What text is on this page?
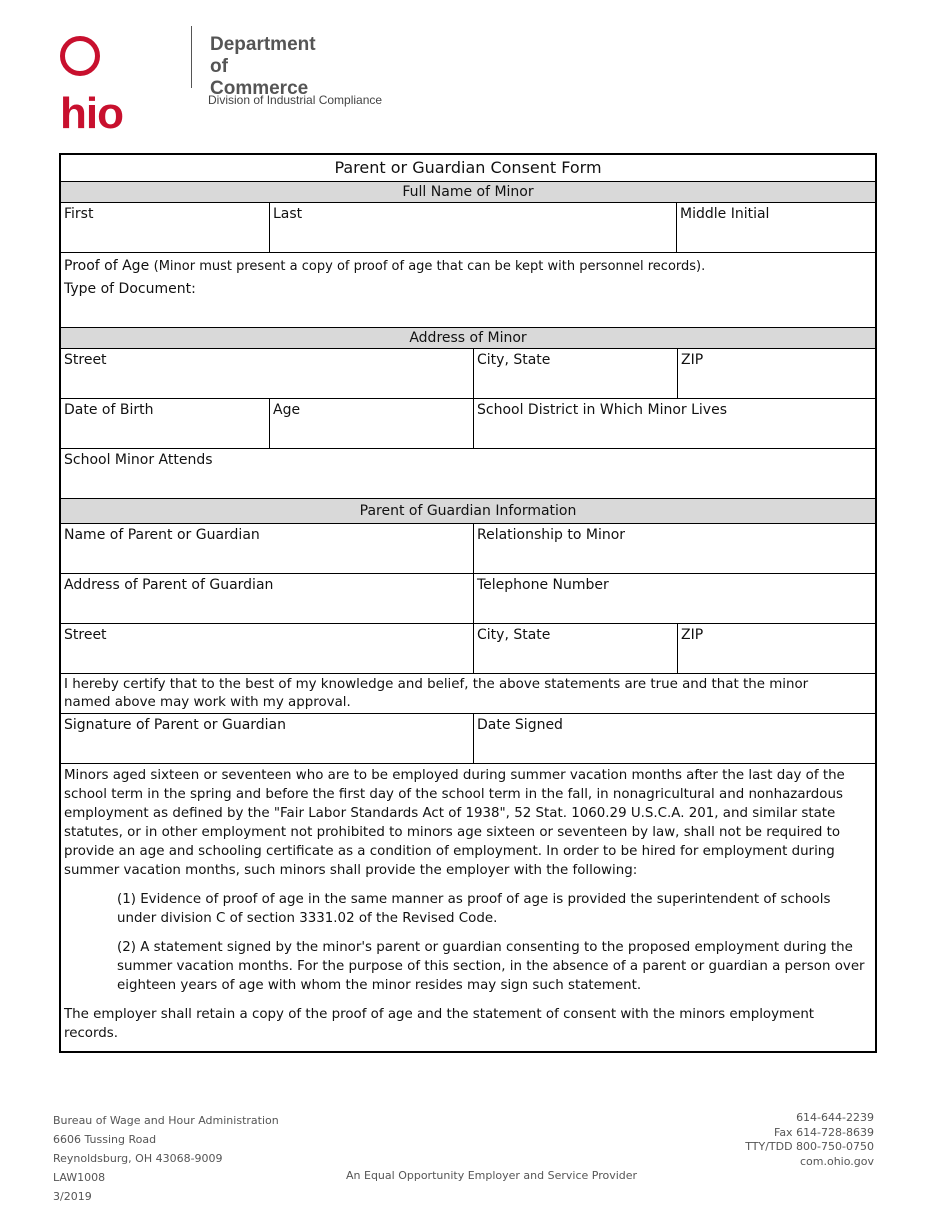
hio
Department
of Commerce
Division of Industrial Compliance
Parent or Guardian Consent Form
Full Name of Minor
First	Last	Middle Initial
Proof of Age (Minor must present a copy of proof of age that can be kept with personnel records).
Type of Document:
Address of Minor
Street	City, State	ZIP
Date of Birth	Age	School District in Which Minor Lives
School Minor Attends
Parent of Guardian Information
Name of Parent or Guardian	Relationship to Minor
Address of Parent of Guardian	Telephone Number
Street	City, State	ZIP
I hereby certify that to the best of my knowledge and belief, the above statements are true and that the minor
named above may work with my approval.
Signature of Parent or Guardian	Date Signed

Minors aged sixteen or seventeen who are to be employed during summer vacation months after the last day of the school term in the spring and before the first day of the school term in the fall, in nonagricultural and nonhazardous employment as defined by the "Fair Labor Standards Act of 1938", 52 Stat. 1060.29 U.S.C.A. 201, and similar state statutes, or in other employment not prohibited to minors age sixteen or seventeen by law, shall not be required to provide an age and schooling certificate as a condition of employment. In order to be hired for employment during summer vacation months, such minors shall provide the employer with the following:

(1) Evidence of proof of age in the same manner as proof of age is provided the superintendent of schools under division C of section 3331.02 of the Revised Code.

(2) A statement signed by the minor's parent or guardian consenting to the proposed employment during the summer vacation months. For the purpose of this section, in the absence of a parent or guardian a person over eighteen years of age with whom the minor resides may sign such statement.

The employer shall retain a copy of the proof of age and the statement of consent with the minors employment records.

Bureau of Wage and Hour Administration
6606 Tussing Road
Reynoldsburg, OH 43068-9009
LAW1008
3/2019
An Equal Opportunity Employer and Service Provider
614-644-2239
Fax 614-728-8639
TTY/TDD 800-750-0750
com.ohio.gov
